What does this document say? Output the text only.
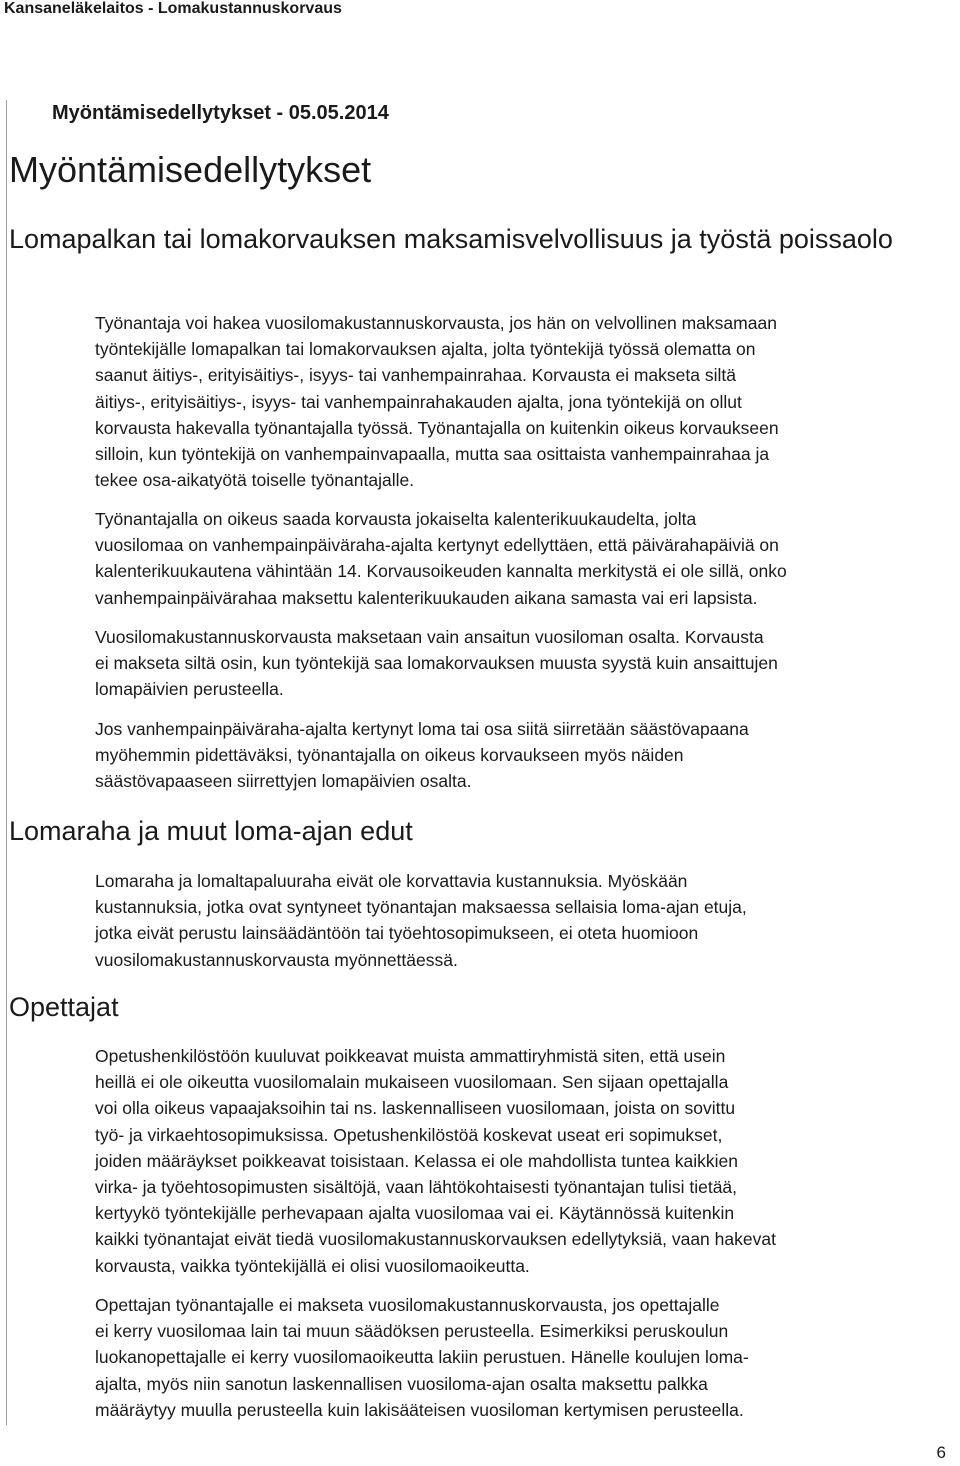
Kansaneläkelaitos - Lomakustannuskorvaus
Myöntämisedellytykset - 05.05.2014
Myöntämisedellytykset
Lomapalkan tai lomakorvauksen maksamisvelvollisuus ja työstä poissaolo

Työnantaja voi hakea vuosilomakustannuskorvausta, jos hän on velvollinen maksamaan
työntekijälle lomapalkan tai lomakorvauksen ajalta, jolta työntekijä työssä olematta on
saanut äitiys-, erityisäitiys-, isyys- tai vanhempainrahaa. Korvausta ei makseta siltä
äitiys-, erityisäitiys-, isyys- tai vanhempainrahakauden ajalta, jona työntekijä on ollut
korvausta hakevalla työnantajalla työssä. Työnantajalla on kuitenkin oikeus korvaukseen
silloin, kun työntekijä on vanhempainvapaalla, mutta saa osittaista vanhempainrahaa ja
tekee osa-aikatyötä toiselle työnantajalle.

Työnantajalla on oikeus saada korvausta jokaiselta kalenterikuukaudelta, jolta
vuosilomaa on vanhempainpäiväraha-ajalta kertynyt edellyttäen, että päivärahapäiviä on
kalenterikuukautena vähintään 14. Korvausoikeuden kannalta merkitystä ei ole sillä, onko
vanhempainpäivärahaa maksettu kalenterikuukauden aikana samasta vai eri lapsista.

Vuosilomakustannuskorvausta maksetaan vain ansaitun vuosiloman osalta. Korvausta
ei makseta siltä osin, kun työntekijä saa lomakorvauksen muusta syystä kuin ansaittujen
lomapäivien perusteella.

Jos vanhempainpäiväraha-ajalta kertynyt loma tai osa siitä siirretään säästövapaana
myöhemmin pidettäväksi, työnantajalla on oikeus korvaukseen myös näiden
säästövapaaseen siirrettyjen lomapäivien osalta.

Lomaraha ja muut loma-ajan edut

Lomaraha ja lomaltapaluuraha eivät ole korvattavia kustannuksia. Myöskään
kustannuksia, jotka ovat syntyneet työnantajan maksaessa sellaisia loma-ajan etuja,
jotka eivät perustu lainsäädäntöön tai työehtosopimukseen, ei oteta huomioon
vuosilomakustannuskorvausta myönnettäessä.

Opettajat

Opetushenkilöstöön kuuluvat poikkeavat muista ammattiryhmistä siten, että usein
heillä ei ole oikeutta vuosilomalain mukaiseen vuosilomaan. Sen sijaan opettajalla
voi olla oikeus vapaajaksoihin tai ns. laskennalliseen vuosilomaan, joista on sovittu
työ- ja virkaehtosopimuksissa. Opetushenkilöstöä koskevat useat eri sopimukset,
joiden määräykset poikkeavat toisistaan. Kelassa ei ole mahdollista tuntea kaikkien
virka- ja työehtosopimusten sisältöjä, vaan lähtökohtaisesti työnantajan tulisi tietää,
kertyykö työntekijälle perhevapaan ajalta vuosilomaa vai ei. Käytännössä kuitenkin
kaikki työnantajat eivät tiedä vuosilomakustannuskorvauksen edellytyksiä, vaan hakevat
korvausta, vaikka työntekijällä ei olisi vuosilomaoikeutta.

Opettajan työnantajalle ei makseta vuosilomakustannuskorvausta, jos opettajalle
ei kerry vuosilomaa lain tai muun säädöksen perusteella. Esimerkiksi peruskoulun
luokanopettajalle ei kerry vuosilomaoikeutta lakiin perustuen. Hänelle koulujen loma-
ajalta, myös niin sanotun laskennallisen vuosiloma-ajan osalta maksettu palkka
määräytyy muulla perusteella kuin lakisääteisen vuosiloman kertymisen perusteella.

6
